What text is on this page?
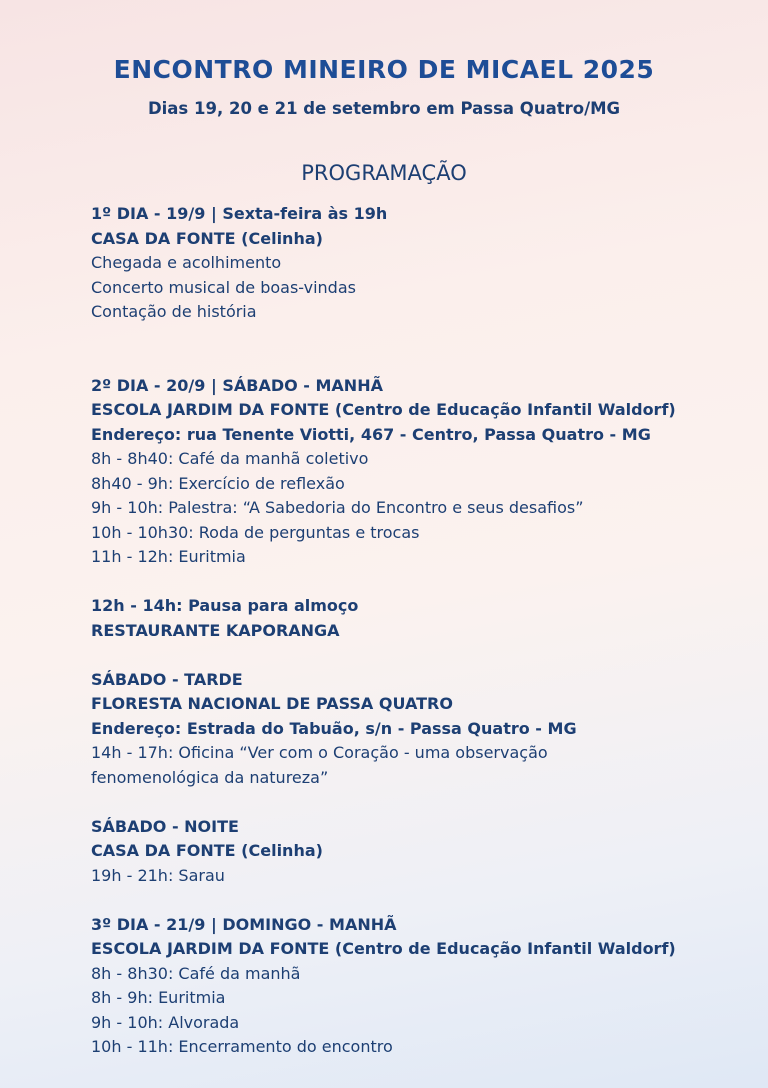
ENCONTRO MINEIRO DE MICAEL 2025
Dias 19, 20 e 21 de setembro em Passa Quatro/MG
PROGRAMAÇÃO
1º DIA - 19/9 | Sexta-feira às 19h
CASA DA FONTE (Celinha)
Chegada e acolhimento
Concerto musical de boas-vindas
Contação de história
2º DIA - 20/9 | SÁBADO - MANHÃ
ESCOLA JARDIM DA FONTE (Centro de Educação Infantil Waldorf)
Endereço: rua Tenente Viotti, 467 - Centro, Passa Quatro - MG
8h - 8h40: Café da manhã coletivo
8h40 - 9h: Exercício de reflexão
9h - 10h: Palestra: “A Sabedoria do Encontro e seus desafios”
10h - 10h30: Roda de perguntas e trocas
11h - 12h: Euritmia
12h - 14h: Pausa para almoço
RESTAURANTE KAPORANGA
SÁBADO - TARDE
FLORESTA NACIONAL DE PASSA QUATRO
Endereço: Estrada do Tabuão, s/n - Passa Quatro - MG
14h - 17h: Oficina “Ver com o Coração - uma observação
fenomenológica da natureza”
SÁBADO - NOITE
CASA DA FONTE (Celinha)
19h - 21h: Sarau
3º DIA - 21/9 | DOMINGO - MANHÃ
ESCOLA JARDIM DA FONTE (Centro de Educação Infantil Waldorf)
8h - 8h30: Café da manhã
8h - 9h: Euritmia
9h - 10h: Alvorada
10h - 11h: Encerramento do encontro
